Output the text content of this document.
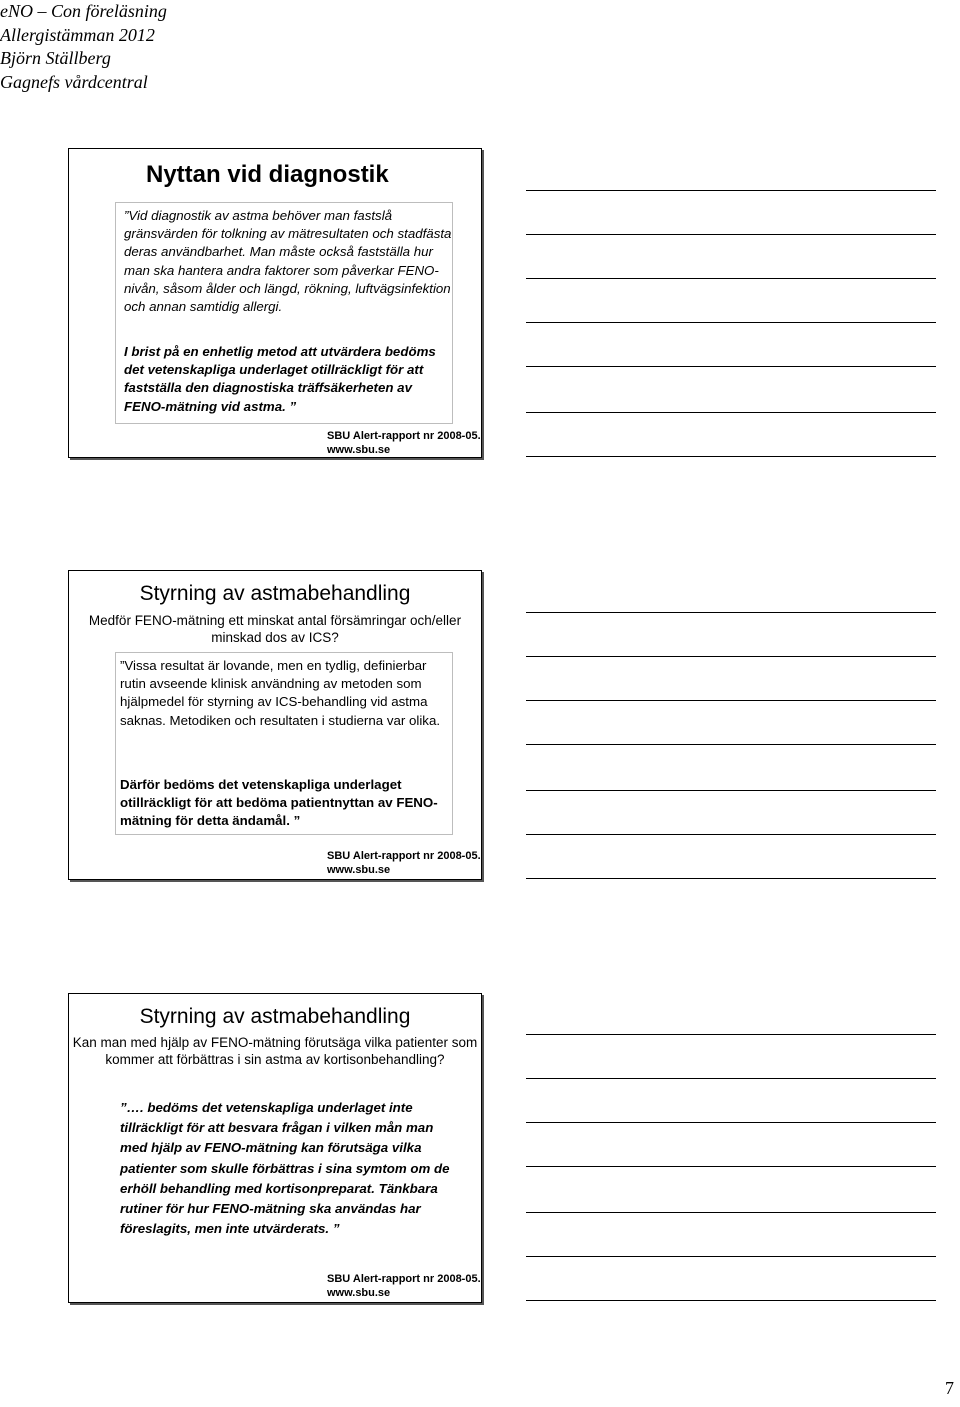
eNO – Con föreläsning
Allergistämman 2012
Björn Ställberg
Gagnefs vårdcentral
Nyttan vid diagnostik
”Vid diagnostik av astma behöver man fastslå gränsvärden för tolkning av mätresultaten och stadfästa deras användbarhet. Man måste också fastställa hur man ska hantera andra faktorer som påverkar FENO-nivån, såsom ålder och längd, rökning, luftvägsinfektion och annan samtidig allergi.
I brist på en enhetlig metod att utvärdera bedöms det vetenskapliga underlaget otillräckligt för att fastställa den diagnostiska träffsäkerheten av FENO-mätning vid astma. ”
SBU Alert-rapport nr 2008-05.
www.sbu.se
Styrning av astmabehandling
Medför FENO-mätning ett minskat antal försämringar och/eller minskad dos av ICS?
”Vissa resultat är lovande, men en tydlig, definierbar rutin avseende klinisk användning av metoden som hjälpmedel för styrning av ICS-behandling vid astma saknas. Metodiken och resultaten i studierna var olika.
Därför bedöms det vetenskapliga underlaget otillräckligt för att bedöma patientnyttan av FENO-mätning för detta ändamål. ”
SBU Alert-rapport nr 2008-05.
www.sbu.se
Styrning av astmabehandling
Kan man med hjälp av FENO-mätning förutsäga vilka patienter som kommer att förbättras i sin astma av kortisonbehandling?
”…. bedöms det vetenskapliga underlaget inte tillräckligt för att besvara frågan i vilken mån man med hjälp av FENO-mätning kan förutsäga vilka patienter som skulle förbättras i sina symtom om de erhöll behandling med kortisonpreparat. Tänkbara rutiner för hur FENO-mätning ska användas har föreslagits, men inte utvärderats. ”
SBU Alert-rapport nr 2008-05.
www.sbu.se
7
